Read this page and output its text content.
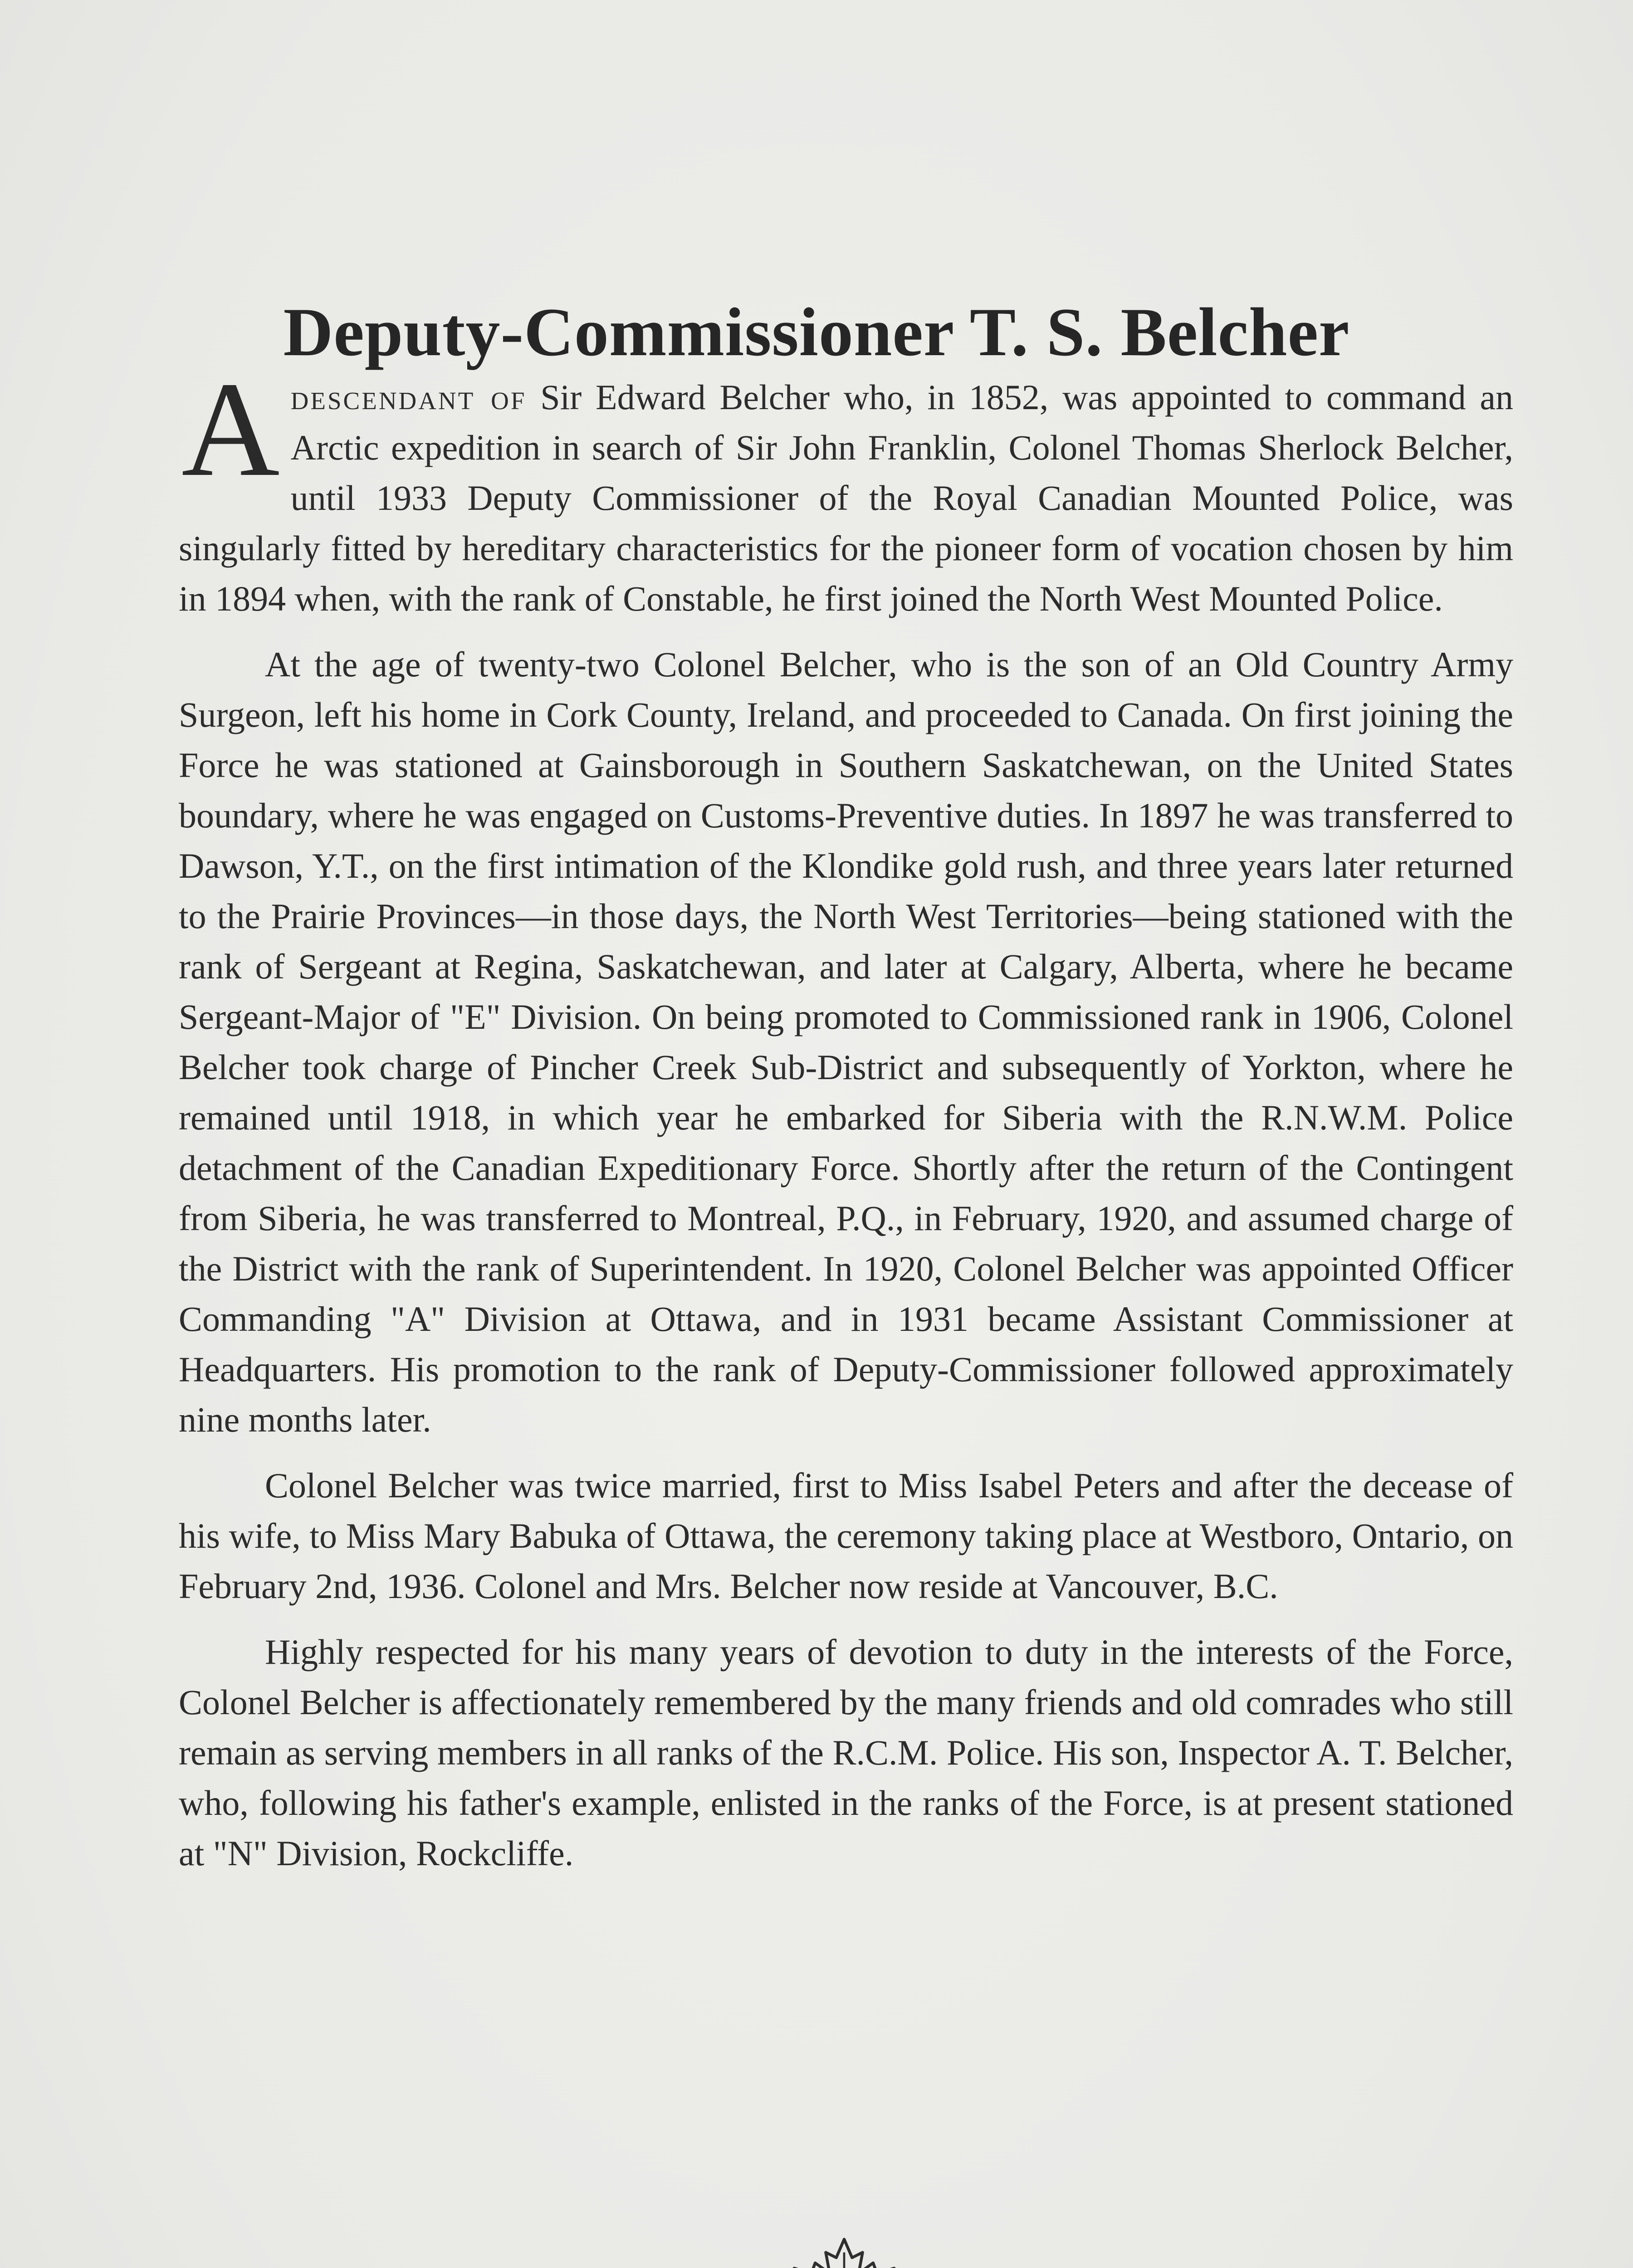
Deputy-Commissioner T. S. Belcher

Adescendant of Sir Edward Belcher who, in 1852, was appointed to command an Arctic expedition in search of Sir John Franklin, Colonel Thomas Sherlock Belcher, until 1933 Deputy Commissioner of the Royal Canadian Mounted Police, was singularly fitted by hereditary characteristics for the pioneer form of vocation chosen by him in 1894 when, with the rank of Constable, he first joined the North West Mounted Police.

At the age of twenty-two Colonel Belcher, who is the son of an Old Country Army Surgeon, left his home in Cork County, Ireland, and proceeded to Canada. On first joining the Force he was stationed at Gainsborough in Southern Saskatchewan, on the United States boundary, where he was engaged on Customs-Preventive duties. In 1897 he was transferred to Dawson, Y.T., on the first intimation of the Klondike gold rush, and three years later returned to the Prairie Provinces—in those days, the North West Territories—being stationed with the rank of Sergeant at Regina, Saskatchewan, and later at Calgary, Alberta, where he became Sergeant-Major of "E" Division. On being promoted to Commissioned rank in 1906, Colonel Belcher took charge of Pincher Creek Sub-District and subsequently of Yorkton, where he remained until 1918, in which year he embarked for Siberia with the R.N.W.M. Police detachment of the Canadian Expeditionary Force. Shortly after the return of the Contingent from Siberia, he was transferred to Montreal, P.Q., in February, 1920, and assumed charge of the District with the rank of Superintendent. In 1920, Colonel Belcher was appointed Officer Commanding "A" Division at Ottawa, and in 1931 became Assistant Commissioner at Headquarters. His promotion to the rank of Deputy-Commissioner followed approximately nine months later.

Colonel Belcher was twice married, first to Miss Isabel Peters and after the decease of his wife, to Miss Mary Babuka of Ottawa, the ceremony taking place at Westboro, Ontario, on February 2nd, 1936. Colonel and Mrs. Belcher now reside at Vancouver, B.C.

Highly respected for his many years of devotion to duty in the interests of the Force, Colonel Belcher is affectionately remembered by the many friends and old comrades who still remain as serving members in all ranks of the R.C.M. Police. His son, Inspector A. T. Belcher, who, following his father's example, enlisted in the ranks of the Force, is at present stationed at "N" Division, Rockcliffe.
